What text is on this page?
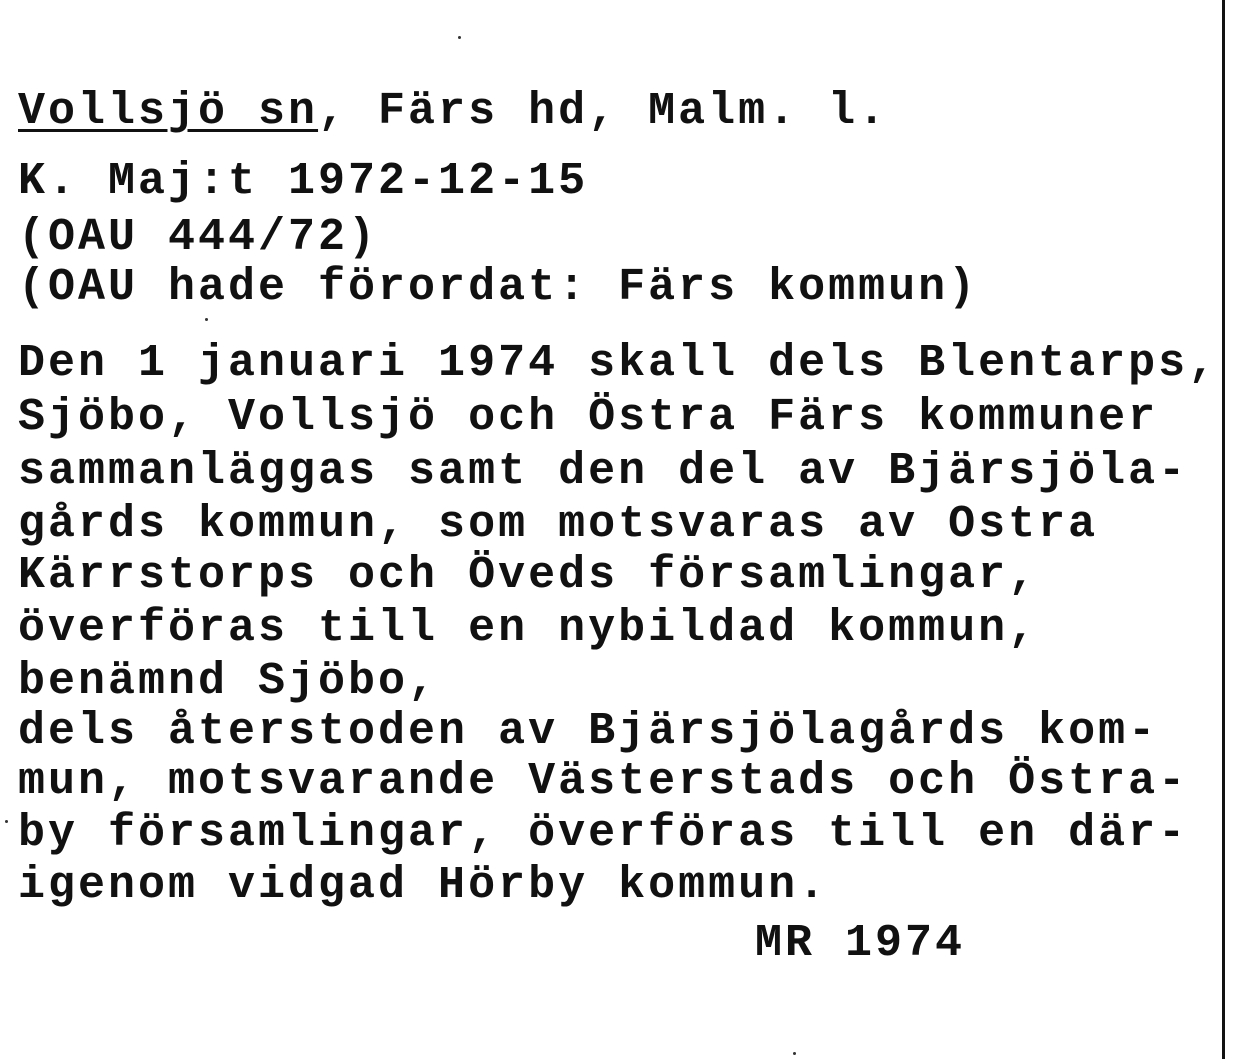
Vollsjö sn, Färs hd, Malm. l.
K. Maj:t 1972-12-15
(OAU 444/72)
(OAU hade förordat: Färs kommun)
Den 1 januari 1974 skall dels Blentarps,
Sjöbo, Vollsjö och Östra Färs kommuner
sammanläggas samt den del av Bjärsjöla-
gårds kommun, som motsvaras av Ostra
Kärrstorps och Öveds församlingar,
överföras till en nybildad kommun,
benämnd Sjöbo,
dels återstoden av Bjärsjölagårds kom-
mun, motsvarande Västerstads och Östra-
by församlingar, överföras till en där-
igenom vidgad Hörby kommun.
MR 1974
